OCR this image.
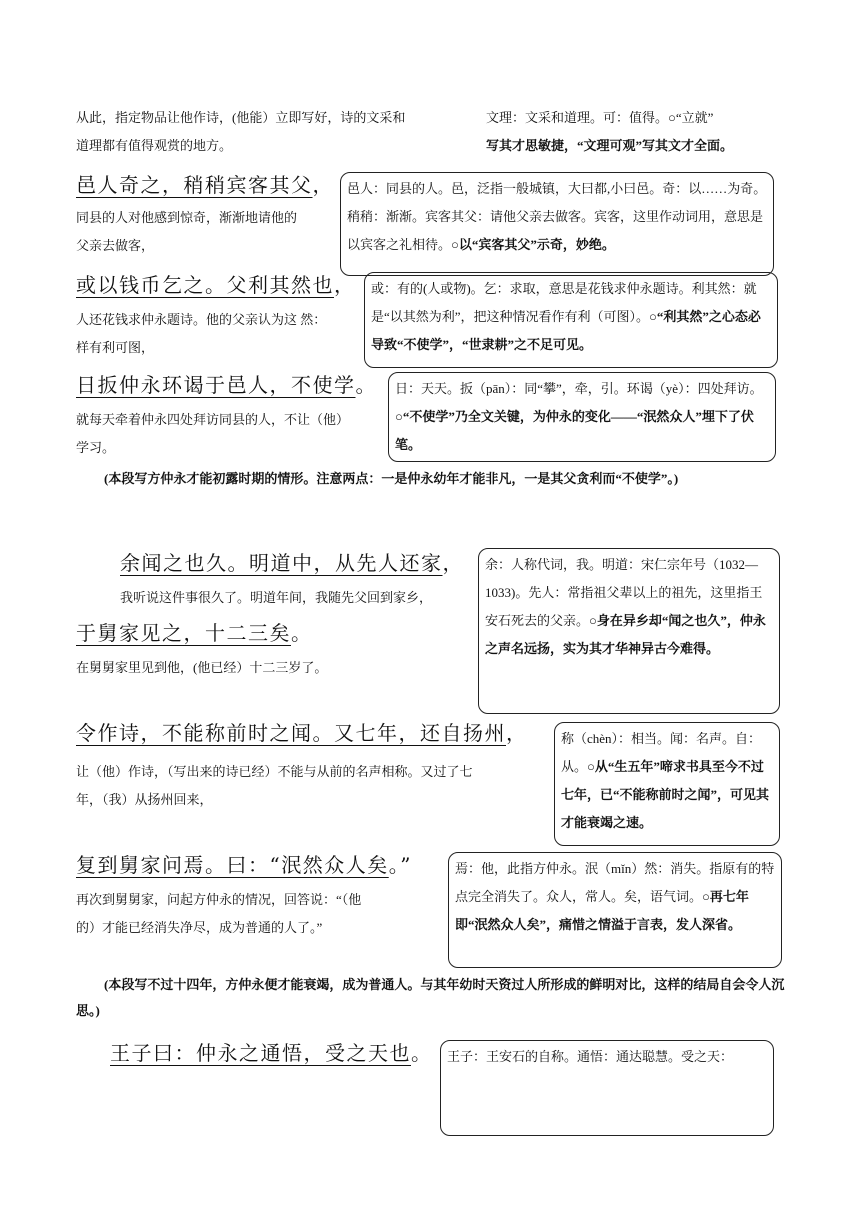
从此，指定物品让他作诗，(他能）立即写好，诗的文采和
道理都有值得观赏的地方。
文理：文采和道理。可：值得。○“立就”
写其才思敏捷，“文理可观”写其文才全面。
邑人奇之，稍稍宾客其父，
同县的人对他感到惊奇，渐渐地请他的
父亲去做客，
邑人：同县的人。邑，泛指一般城镇，大曰都,小曰邑。奇：以……为奇。稍稍：渐渐。宾客其父：请他父亲去做客。宾客，这里作动词用，意思是以宾客之礼相待。○以“宾客其父”示奇，妙绝。
或以钱币乞之。父利其然也，
人还花钱求仲永题诗。他的父亲认为这 然：
样有利可图，
或：有的(人或物)。乞：求取，意思是花钱求仲永题诗。利其然：就是“以其然为利”，把这种情况看作有利（可图）。○“利其然”之心态必导致“不使学”，“世隶耕”之不足可见。
日扳仲永环谒于邑人，不使学。
就每天牵着仲永四处拜访同县的人，不让（他）
学习。
日：天天。扳（pān）：同“攀”，牵，引。环谒（yè）：四处拜访。○“不使学”乃全文关键，为仲永的变化——“泯然众人”埋下了伏笔。
(本段写方仲永才能初露时期的情形。注意两点：一是仲永幼年才能非凡，一是其父贪利而“不使学”。)
余闻之也久。明道中，从先人还家，
我听说这件事很久了。明道年间，我随先父回到家乡，
余：人称代词，我。明道：宋仁宗年号（1032—1033)。先人：常指祖父辈以上的祖先，这里指王安石死去的父亲。○身在异乡却“闻之也久”，仲永之声名远扬，实为其才华神异古今难得。
于舅家见之，十二三矣。
在舅舅家里见到他，(他已经）十二三岁了。
令作诗，不能称前时之闻。又七年，还自扬州，
让（他）作诗，（写出来的诗已经）不能与从前的名声相称。又过了七
年，（我）从扬州回来，
称（chèn）：相当。闻：名声。自：从。○从“生五年”啼求书具至今不过七年，已“不能称前时之闻”，可见其才能衰竭之速。
复到舅家问焉。曰：“泯然众人矣。”
再次到舅舅家，问起方仲永的情况，回答说：“（他
的）才能已经消失净尽，成为普通的人了。”
焉：他，此指方仲永。泯（mǐn）然：消失。指原有的特点完全消失了。众人，常人。矣，语气词。○再七年即“泯然众人矣”，痛惜之情溢于言表，发人深省。
(本段写不过十四年，方仲永便才能衰竭，成为普通人。与其年幼时天资过人所形成的鲜明对比，这样的结局自会令人沉思。)
王子曰：仲永之通悟，受之天也。	王子：王安石的自称。通悟：通达聪慧。受之天：
